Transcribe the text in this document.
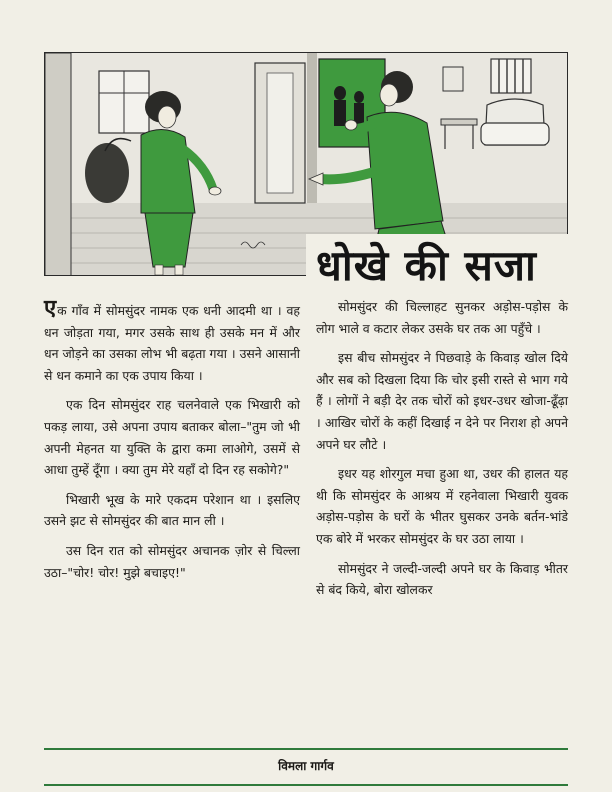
धोखे की सजा

एक गाँव में सोमसुंदर नामक एक धनी आदमी था । वह धन जोड़ता गया, मगर उसके साथ ही उसके मन में और धन जोड़ने का उसका लोभ भी बढ़ता गया । उसने आसानी से धन कमाने का एक उपाय किया ।

एक दिन सोमसुंदर राह चलनेवाले एक भिखारी को पकड़ लाया, उसे अपना उपाय बताकर बोला–"तुम जो भी अपनी मेहनत या युक्ति के द्वारा कमा लाओगे, उसमें से आधा तुम्हें दूँगा । क्या तुम मेरे यहाँ दो दिन रह सकोगे?"

भिखारी भूख के मारे एकदम परेशान था । इसलिए उसने झट से सोमसुंदर की बात मान ली ।

उस दिन रात को सोमसुंदर अचानक ज़ोर से चिल्ला उठा–"चोर! चोर! मुझे बचाइए!"

सोमसुंदर की चिल्लाहट सुनकर अड़ोस-पड़ोस के लोग भाले व कटार लेकर उसके घर तक आ पहुँचे ।

इस बीच सोमसुंदर ने पिछवाड़े के किवाड़ खोल दिये और सब को दिखला दिया कि चोर इसी रास्ते से भाग गये हैं । लोगों ने बड़ी देर तक चोरों को इधर-उधर खोजा-ढूँढ़ा । आखिर चोरों के कहीं दिखाई न देने पर निराश हो अपने अपने घर लौटे ।

इधर यह शोरगुल मचा हुआ था, उधर की हालत यह थी कि सोमसुंदर के आश्रय में रहनेवाला भिखारी युवक अड़ोस-पड़ोस के घरों के भीतर घुसकर उनके बर्तन-भांडे एक बोरे में भरकर सोमसुंदर के घर उठा लाया ।

सोमसुंदर ने जल्दी-जल्दी अपने घर के किवाड़ भीतर से बंद किये, बोरा खोलकर

विमला गार्गव
